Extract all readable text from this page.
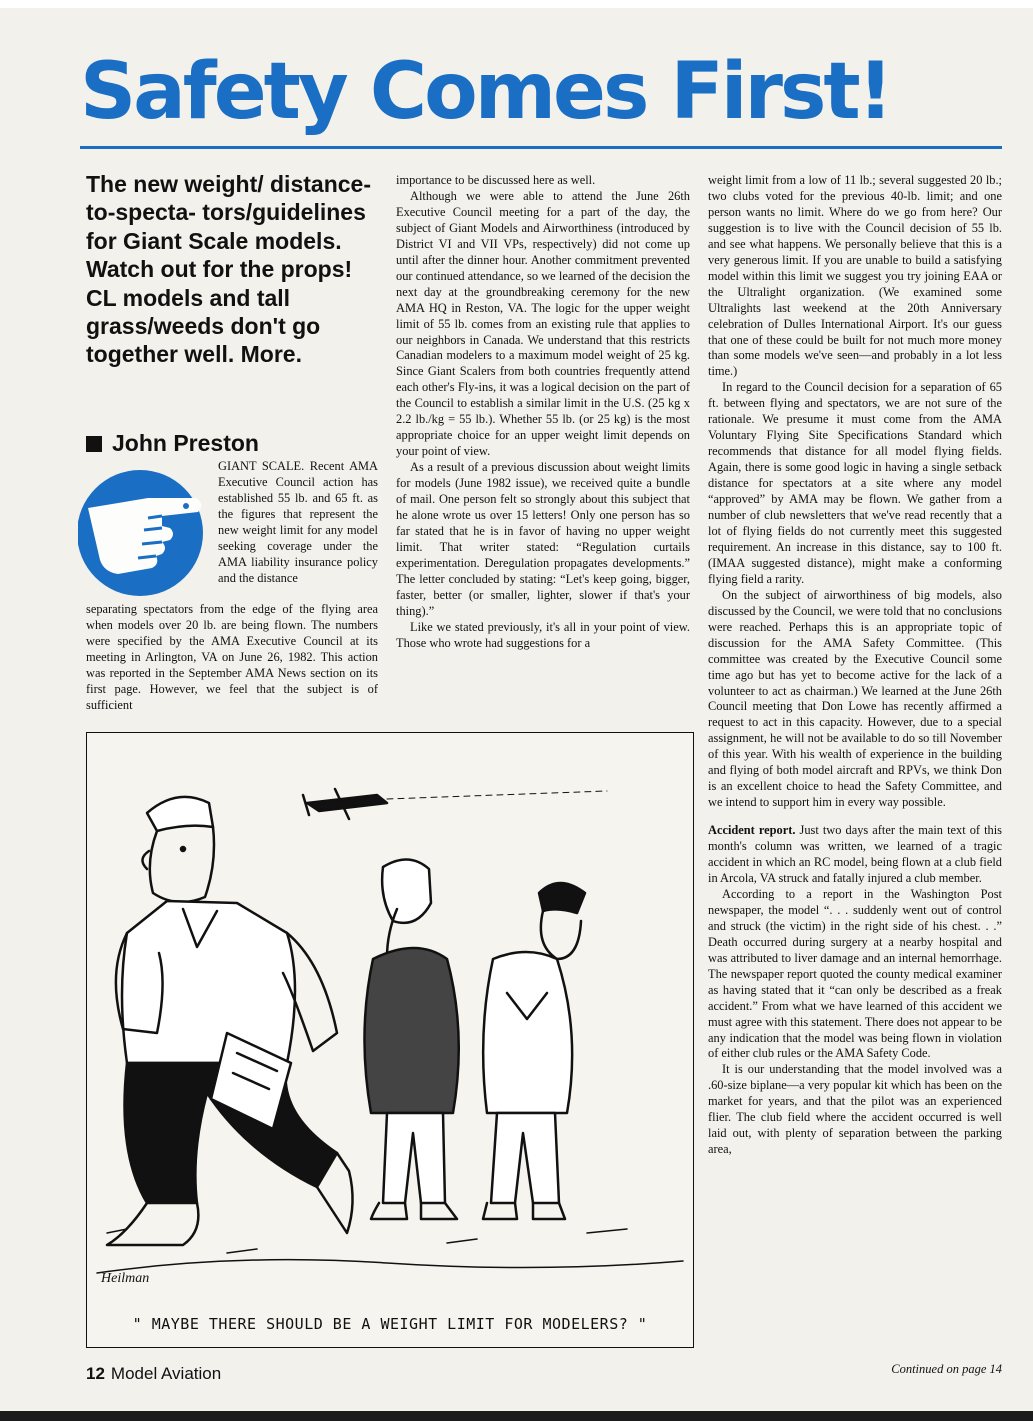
Safety Comes First!

The new weight/ distance-to-specta- tors/guidelines for Giant Scale models. Watch out for the props! CL models and tall grass/weeds don't go together well. More.

John Preston

GIANT SCALE. Recent AMA Executive Council action has established 55 lb. and 65 ft. as the figures that represent the new weight limit for any model seeking coverage under the AMA liability insurance policy and the distance

separating spectators from the edge of the flying area when models over 20 lb. are being flown. The numbers were specified by the AMA Executive Council at its meeting in Arlington, VA on June 26, 1982. This action was reported in the September AMA News section on its first page. However, we feel that the subject is of sufficient

importance to be discussed here as well.

Although we were able to attend the June 26th Executive Council meeting for a part of the day, the subject of Giant Models and Airworthiness (introduced by District VI and VII VPs, respectively) did not come up until after the dinner hour. Another commitment prevented our continued attendance, so we learned of the decision the next day at the groundbreaking ceremony for the new AMA HQ in Reston, VA. The logic for the upper weight limit of 55 lb. comes from an existing rule that applies to our neighbors in Canada. We understand that this restricts Canadian modelers to a maximum model weight of 25 kg. Since Giant Scalers from both countries frequently attend each other's Fly-ins, it was a logical decision on the part of the Council to establish a similar limit in the U.S. (25 kg x 2.2 lb./kg = 55 lb.). Whether 55 lb. (or 25 kg) is the most appropriate choice for an upper weight limit depends on your point of view.

As a result of a previous discussion about weight limits for models (June 1982 issue), we received quite a bundle of mail. One person felt so strongly about this subject that he alone wrote us over 15 letters! Only one person has so far stated that he is in favor of having no upper weight limit. That writer stated: “Regulation curtails experimentation. Deregulation propagates developments.” The letter concluded by stating: “Let's keep going, bigger, faster, better (or smaller, lighter, slower if that's your thing).”

Like we stated previously, it's all in your point of view. Those who wrote had suggestions for a

weight limit from a low of 11 lb.; several suggested 20 lb.; two clubs voted for the previous 40-lb. limit; and one person wants no limit. Where do we go from here? Our suggestion is to live with the Council decision of 55 lb. and see what happens. We personally believe that this is a very generous limit. If you are unable to build a satisfying model within this limit we suggest you try joining EAA or the Ultralight organization. (We examined some Ultralights last weekend at the 20th Anniversary celebration of Dulles International Airport. It's our guess that one of these could be built for not much more money than some models we've seen—and probably in a lot less time.)

In regard to the Council decision for a separation of 65 ft. between flying and spectators, we are not sure of the rationale. We presume it must come from the AMA Voluntary Flying Site Specifications Standard which recommends that distance for all model flying fields. Again, there is some good logic in having a single setback distance for spectators at a site where any model “approved” by AMA may be flown. We gather from a number of club newsletters that we've read recently that a lot of flying fields do not currently meet this suggested requirement. An increase in this distance, say to 100 ft. (IMAA suggested distance), might make a conforming flying field a rarity.

On the subject of airworthiness of big models, also discussed by the Council, we were told that no conclusions were reached. Perhaps this is an appropriate topic of discussion for the AMA Safety Committee. (This committee was created by the Executive Council some time ago but has yet to become active for the lack of a volunteer to act as chairman.) We learned at the June 26th Council meeting that Don Lowe has recently affirmed a request to act in this capacity. However, due to a special assignment, he will not be available to do so till November of this year. With his wealth of experience in the building and flying of both model aircraft and RPVs, we think Don is an excellent choice to head the Safety Committee, and we intend to support him in every way possible.

Accident report. Just two days after the main text of this month's column was written, we learned of a tragic accident in which an RC model, being flown at a club field in Arcola, VA struck and fatally injured a club member.

According to a report in the Washington Post newspaper, the model “. . . suddenly went out of control and struck (the victim) in the right side of his chest. . .” Death occurred during surgery at a nearby hospital and was attributed to liver damage and an internal hemorrhage. The newspaper report quoted the county medical examiner as having stated that it “can only be described as a freak accident.” From what we have learned of this accident we must agree with this statement. There does not appear to be any indication that the model was being flown in violation of either club rules or the AMA Safety Code.

It is our understanding that the model involved was a .60-size biplane—a very popular kit which has been on the market for years, and that the pilot was an experienced flier. The club field where the accident occurred is well laid out, with plenty of separation between the parking area,

Continued on page 14
Heilman
" MAYBE THERE SHOULD BE A WEIGHT LIMIT FOR MODELERS? "
12 Model Aviation
